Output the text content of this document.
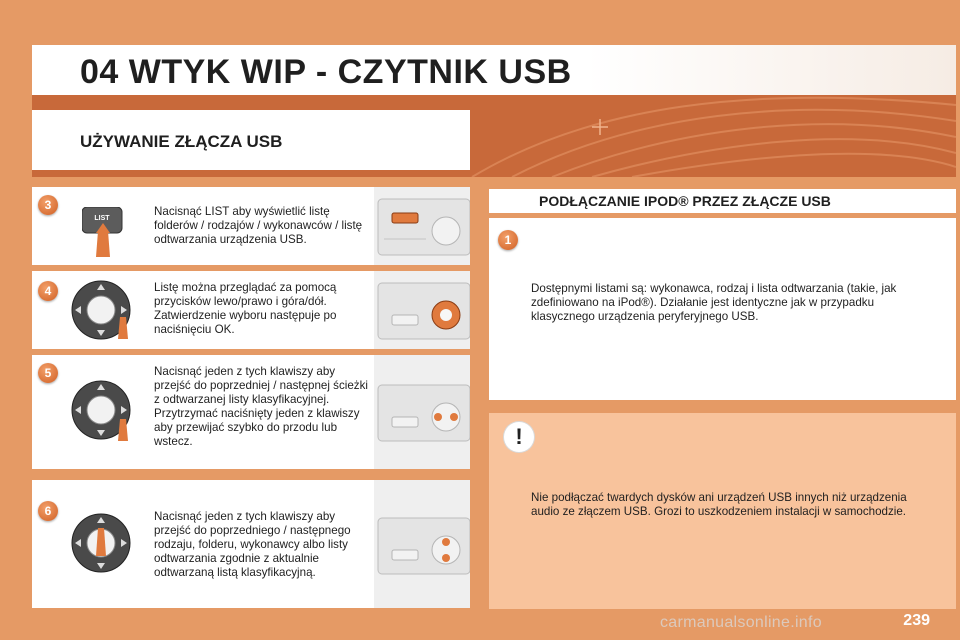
04 WTYK WIP - CZYTNIK USB
UŻYWANIE ZŁĄCZA USB
LIST
Nacisnąć LIST aby wyświetlić listę folderów / rodzajów / wykonawców / listę odtwarzania urządzenia USB.
3
Listę można przeglądać za pomocą przycisków lewo/prawo i góra/dół. Zatwierdzenie wyboru następuje po naciśnięciu OK.
4
Nacisnąć jeden z tych klawiszy aby przejść do poprzedniej / następnej ścieżki z odtwarzanej listy klasyfikacyjnej. Przytrzymać naciśnięty jeden z klawiszy aby przewijać szybko do przodu lub wstecz.
5
Nacisnąć jeden z tych klawiszy aby przejść do poprzedniego / następnego rodzaju, folderu, wykonawcy albo listy odtwarzania zgodnie z aktualnie odtwarzaną listą klasyfikacyjną.
6
PODŁĄCZANIE IPOD® PRZEZ ZŁĄCZE USB
Dostępnymi listami są: wykonawca, rodzaj i lista odtwarzania (takie, jak zdefiniowano na iPod®). Działanie jest identyczne jak w przypadku klasycznego urządzenia peryferyjnego USB.
1
!
Nie podłączać twardych dysków ani urządzeń USB innych niż urządzenia audio ze złączem USB. Grozi to uszkodzeniem instalacji w samochodzie.
carmanualsonline.info	239
